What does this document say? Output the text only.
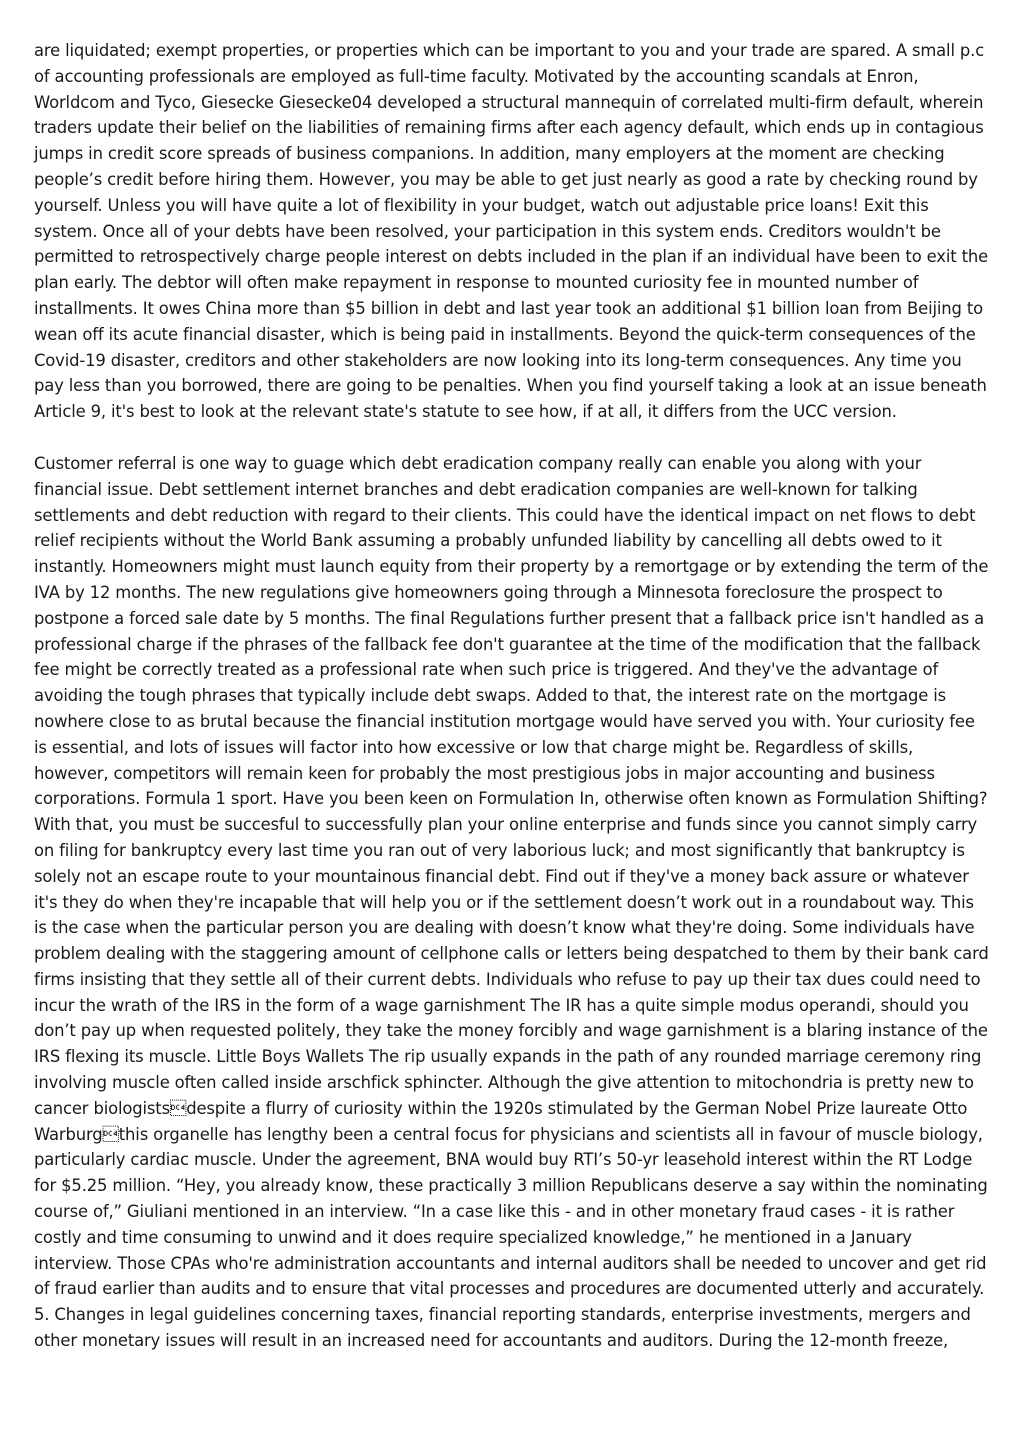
are liquidated; exempt properties, or properties which can be important to you and your trade are spared. A small p.c of accounting professionals are employed as full-time faculty. Motivated by the accounting scandals at Enron, Worldcom and Tyco, Giesecke Giesecke04 developed a structural mannequin of correlated multi-firm default, wherein traders update their belief on the liabilities of remaining firms after each agency default, which ends up in contagious jumps in credit score spreads of business companions. In addition, many employers at the moment are checking people’s credit before hiring them. However, you may be able to get just nearly as good a rate by checking round by yourself. Unless you will have quite a lot of flexibility in your budget, watch out adjustable price loans! Exit this system. Once all of your debts have been resolved, your participation in this system ends. Creditors wouldn't be permitted to retrospectively charge people interest on debts included in the plan if an individual have been to exit the plan early. The debtor will often make repayment in response to mounted curiosity fee in mounted number of installments. It owes China more than $5 billion in debt and last year took an additional $1 billion loan from Beijing to wean off its acute financial disaster, which is being paid in installments. Beyond the quick-term consequences of the Covid-19 disaster, creditors and other stakeholders are now looking into its long-term consequences. Any time you pay less than you borrowed, there are going to be penalties. When you find yourself taking a look at an issue beneath Article 9, it's best to look at the relevant state's statute to see how, if at all, it differs from the UCC version.

Customer referral is one way to guage which debt eradication company really can enable you along with your financial issue. Debt settlement internet branches and debt eradication companies are well-known for talking settlements and debt reduction with regard to their clients. This could have the identical impact on net flows to debt relief recipients without the World Bank assuming a probably unfunded liability by cancelling all debts owed to it instantly. Homeowners might must launch equity from their property by a remortgage or by extending the term of the IVA by 12 months. The new regulations give homeowners going through a Minnesota foreclosure the prospect to postpone a forced sale date by 5 months. The final Regulations further present that a fallback price isn't handled as a professional charge if the phrases of the fallback fee don't guarantee at the time of the modification that the fallback fee might be correctly treated as a professional rate when such price is triggered. And they've the advantage of avoiding the tough phrases that typically include debt swaps. Added to that, the interest rate on the mortgage is nowhere close to as brutal because the financial institution mortgage would have served you with. Your curiosity fee is essential, and lots of issues will factor into how excessive or low that charge might be. Regardless of skills, however, competitors will remain keen for probably the most prestigious jobs in major accounting and business corporations. Formula 1 sport. Have you been keen on Formulation In, otherwise often known as Formulation Shifting? With that, you must be succesful to successfully plan your online enterprise and funds since you cannot simply carry on filing for bankruptcy every last time you ran out of very laborious luck; and most significantly that bankruptcy is solely not an escape route to your mountainous financial debt. Find out if they've a money back assure or whatever it's they do when they're incapable that will help you or if the settlement doesn’t work out in a roundabout way. This is the case when the particular person you are dealing with doesn’t know what they're doing. Some individuals have problem dealing with the staggering amount of cellphone calls or letters being despatched to them by their bank card firms insisting that they settle all of their current debts. Individuals who refuse to pay up their tax dues could need to incur the wrath of the IRS in the form of a wage garnishment The IR has a quite simple modus operandi, should you don’t pay up when requested politely, they take the money forcibly and wage garnishment is a blaring instance of the IRS flexing its muscle. Little Boys Wallets The rip usually expands in the path of any rounded marriage ceremony ring involving muscle often called inside arschfick sphincter. Although the give attention to mitochondria is pretty new to cancer biologistsdespite a flurry of curiosity within the 1920s stimulated by the German Nobel Prize laureate Otto Warburgthis organelle has lengthy been a central focus for physicians and scientists all in favour of muscle biology, particularly cardiac muscle. Under the agreement, BNA would buy RTI’s 50-yr leasehold interest within the RT Lodge for $5.25 million. “Hey, you already know, these practically 3 million Republicans deserve a say within the nominating course of,” Giuliani mentioned in an interview. “In a case like this - and in other monetary fraud cases - it is rather costly and time consuming to unwind and it does require specialized knowledge,” he mentioned in a January interview. Those CPAs who're administration accountants and internal auditors shall be needed to uncover and get rid of fraud earlier than audits and to ensure that vital processes and procedures are documented utterly and accurately. 5. Changes in legal guidelines concerning taxes, financial reporting standards, enterprise investments, mergers and other monetary issues will result in an increased need for accountants and auditors. During the 12-month freeze,
